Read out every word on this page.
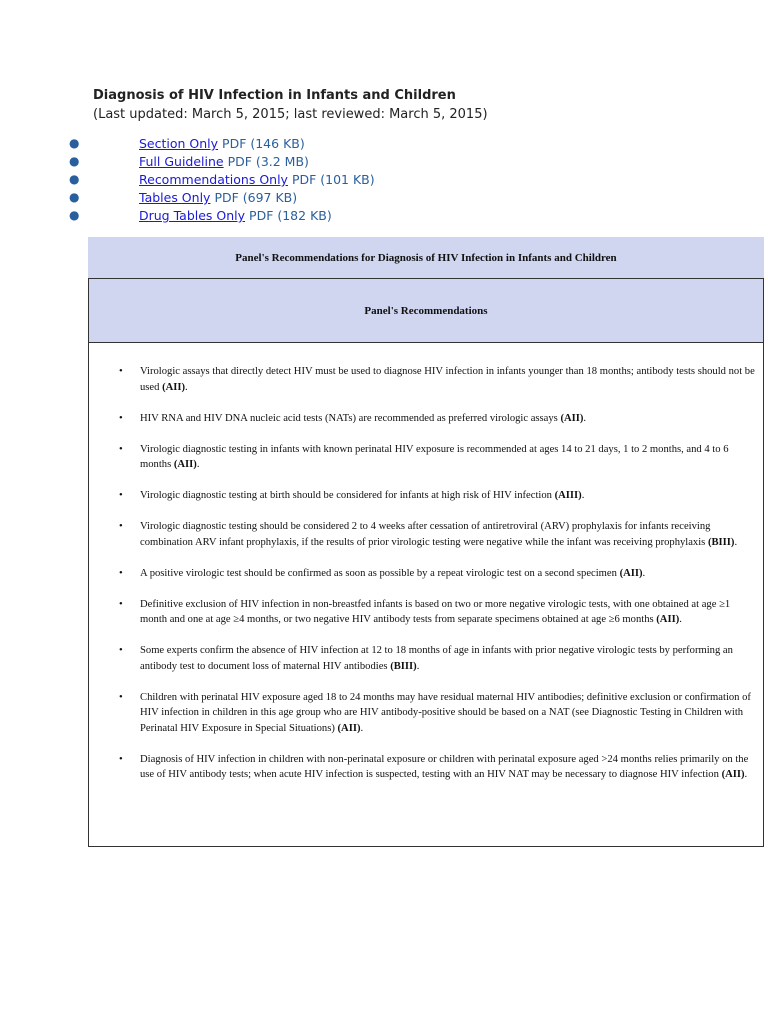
Diagnosis of HIV Infection in Infants and Children
(Last updated: March 5, 2015; last reviewed: March 5, 2015)
●	Section Only PDF (146 KB)
●	Full Guideline PDF (3.2 MB)
●	Recommendations Only PDF (101 KB)
●	Tables Only PDF (697 KB)
●	Drug Tables Only PDF (182 KB)
Panel's Recommendations for Diagnosis of HIV Infection in Infants and Children
Panel's Recommendations
• Virologic assays that directly detect HIV must be used to diagnose HIV infection in infants younger than 18 months; antibody tests should not be used (AII).
• HIV RNA and HIV DNA nucleic acid tests (NATs) are recommended as preferred virologic assays (AII).
• Virologic diagnostic testing in infants with known perinatal HIV exposure is recommended at ages 14 to 21 days, 1 to 2 months, and 4 to 6 months (AII).
• Virologic diagnostic testing at birth should be considered for infants at high risk of HIV infection (AIII).
• Virologic diagnostic testing should be considered 2 to 4 weeks after cessation of antiretroviral (ARV) prophylaxis for infants receiving combination ARV infant prophylaxis, if the results of prior virologic testing were negative while the infant was receiving prophylaxis (BIII).
• A positive virologic test should be confirmed as soon as possible by a repeat virologic test on a second specimen (AII).
• Definitive exclusion of HIV infection in non-breastfed infants is based on two or more negative virologic tests, with one obtained at age ≥1 month and one at age ≥4 months, or two negative HIV antibody tests from separate specimens obtained at age ≥6 months (AII).
• Some experts confirm the absence of HIV infection at 12 to 18 months of age in infants with prior negative virologic tests by performing an antibody test to document loss of maternal HIV antibodies (BIII).
• Children with perinatal HIV exposure aged 18 to 24 months may have residual maternal HIV antibodies; definitive exclusion or confirmation of HIV infection in children in this age group who are HIV antibody-positive should be based on a NAT (see Diagnostic Testing in Children with Perinatal HIV Exposure in Special Situations) (AII).
• Diagnosis of HIV infection in children with non-perinatal exposure or children with perinatal exposure aged >24 months relies primarily on the use of HIV antibody tests; when acute HIV infection is suspected, testing with an HIV NAT may be necessary to diagnose HIV infection (AII).
